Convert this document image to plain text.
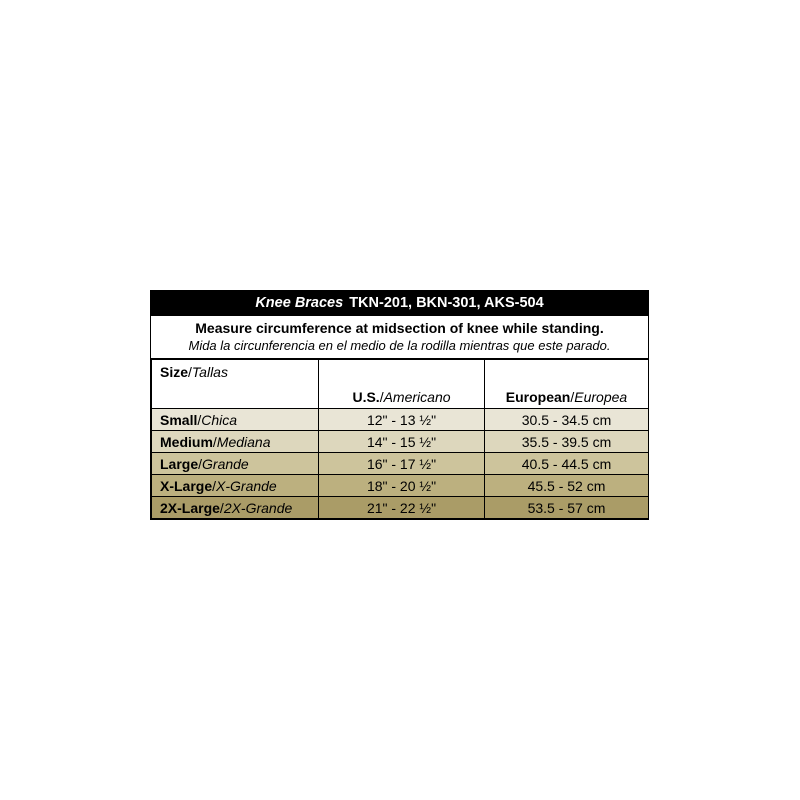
Knee Braces TKN-201, BKN-301, AKS-504
Measure circumference at midsection of knee while standing.
Mida la circunferencia en el medio de la rodilla mientras que este parado.
Size/Tallas	U.S./Americano	European/Europea
Small/Chica	12" - 13 ½"	30.5 - 34.5 cm
Medium/Mediana	14" - 15 ½"	35.5 - 39.5 cm
Large/Grande	16" - 17 ½"	40.5 - 44.5 cm
X-Large/X-Grande	18" - 20 ½"	45.5 - 52 cm
2X-Large/2X-Grande	21" - 22 ½"	53.5 - 57 cm
